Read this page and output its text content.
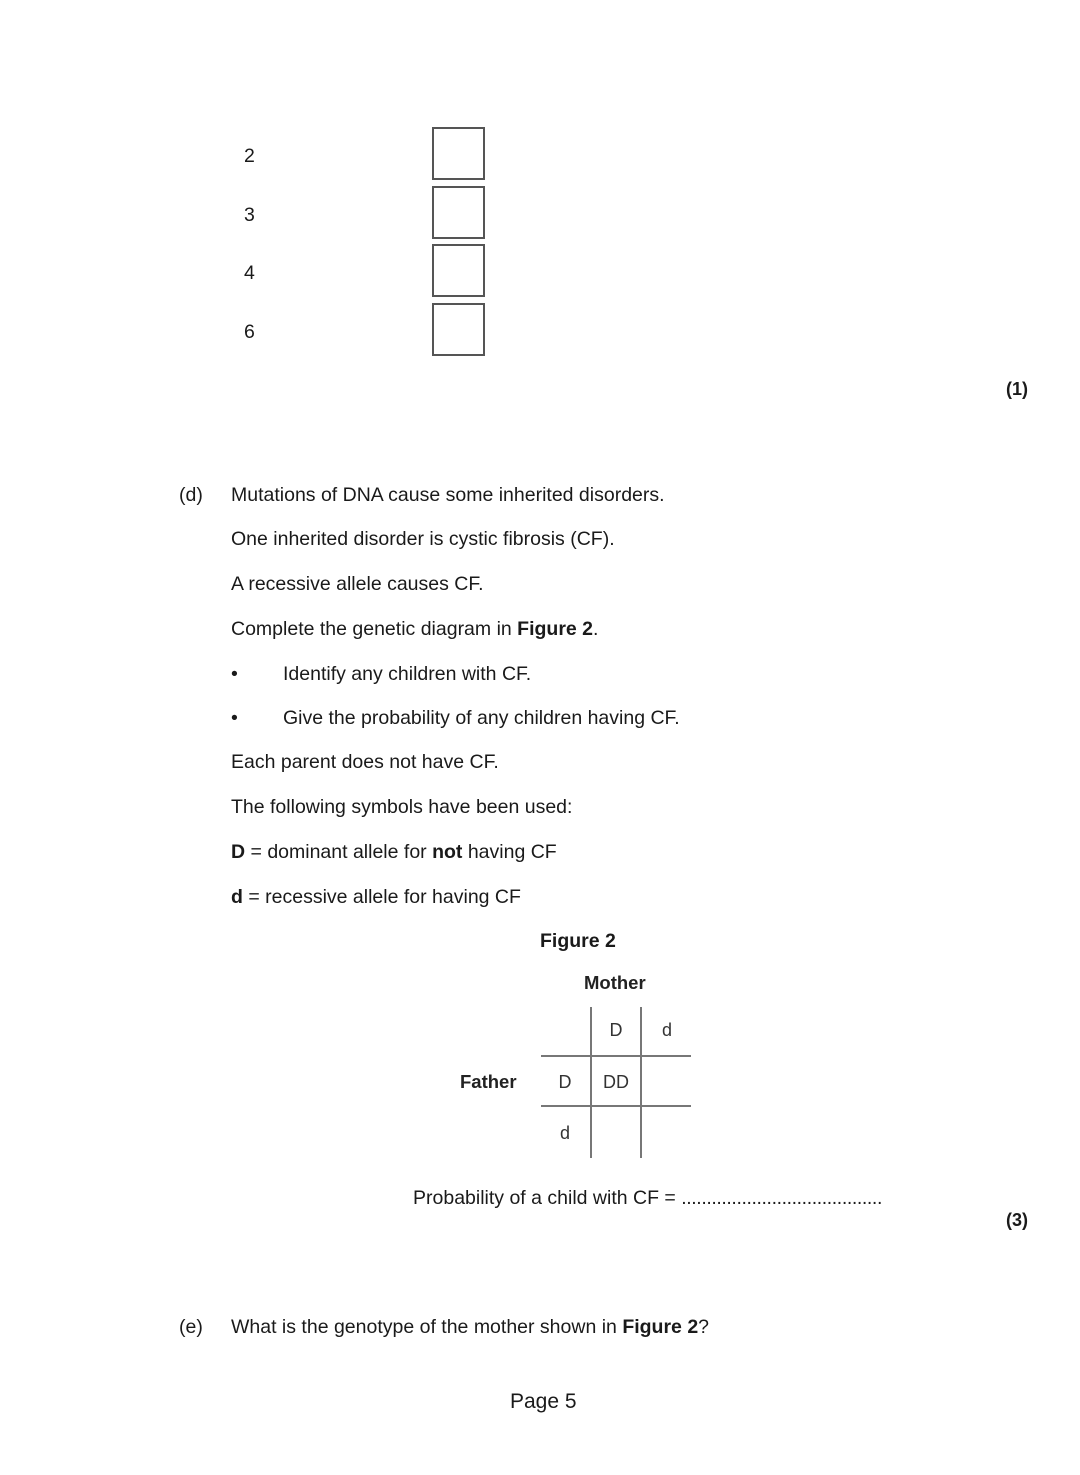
2
3
4
6
(1)
(d) Mutations of DNA cause some inherited disorders.
One inherited disorder is cystic fibrosis (CF).
A recessive allele causes CF.
Complete the genetic diagram in Figure 2.
• Identify any children with CF.
• Give the probability of any children having CF.
Each parent does not have CF.
The following symbols have been used:
D = dominant allele for not having CF
d = recessive allele for having CF
Figure 2
Mother
Father
D	d
D
d
DD
Probability of a child with CF = ........................................
(3)
(e) What is the genotype of the mother shown in Figure 2?
Page 5
